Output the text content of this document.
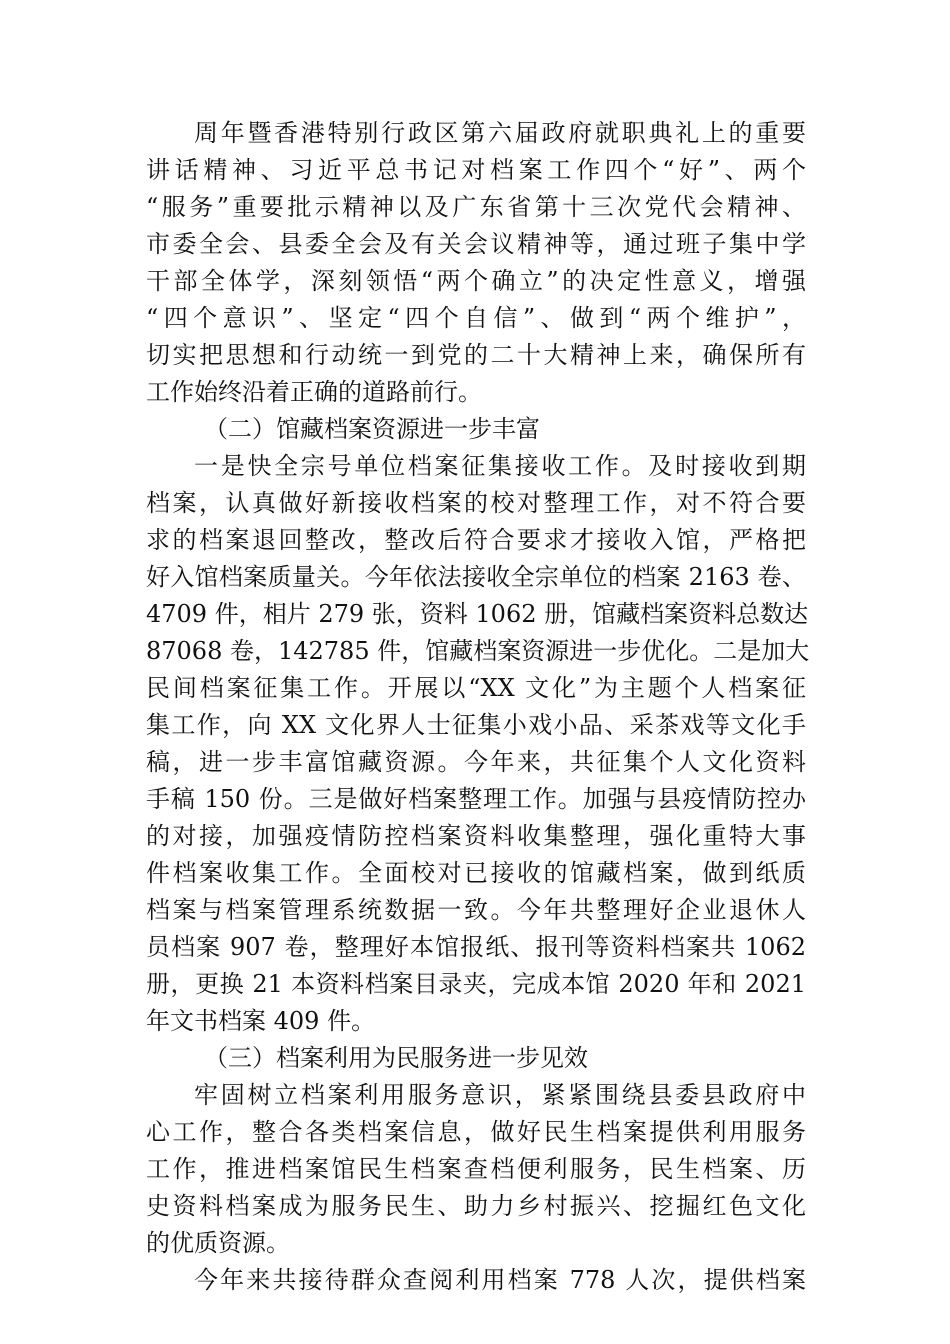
周年暨香港特别行政区第六届政府就职典礼上的重要
讲话精神、习近平总书记对档案工作四个“好”、两个
“服务”重要批示精神以及广东省第十三次党代会精神、
市委全会、县委全会及有关会议精神等，通过班子集中学
干部全体学，深刻领悟“两个确立”的决定性意义，增强
“四个意识”、坚定“四个自信”、做到“两个维护”，
切实把思想和行动统一到党的二十大精神上来，确保所有
工作始终沿着正确的道路前行。
（二）馆藏档案资源进一步丰富
一是快全宗号单位档案征集接收工作。及时接收到期
档案，认真做好新接收档案的校对整理工作，对不符合要
求的档案退回整改，整改后符合要求才接收入馆，严格把
好入馆档案质量关。今年依法接收全宗单位的档案 2163 卷、
4709 件，相片 279 张，资料 1062 册，馆藏档案资料总数达
87068 卷，142785 件，馆藏档案资源进一步优化。二是加大
民间档案征集工作。开展以“XX 文化”为主题个人档案征
集工作，向 XX 文化界人士征集小戏小品、采茶戏等文化手
稿，进一步丰富馆藏资源。今年来，共征集个人文化资料
手稿 150 份。三是做好档案整理工作。加强与县疫情防控办
的对接，加强疫情防控档案资料收集整理，强化重特大事
件档案收集工作。全面校对已接收的馆藏档案，做到纸质
档案与档案管理系统数据一致。今年共整理好企业退休人
员档案 907 卷，整理好本馆报纸、报刊等资料档案共 1062
册，更换 21 本资料档案目录夹，完成本馆 2020 年和 2021
年文书档案 409 件。
（三）档案利用为民服务进一步见效
牢固树立档案利用服务意识，紧紧围绕县委县政府中
心工作，整合各类档案信息，做好民生档案提供利用服务
工作，推进档案馆民生档案查档便利服务，民生档案、历
史资料档案成为服务民生、助力乡村振兴、挖掘红色文化
的优质资源。
今年来共接待群众查阅利用档案 778 人次，提供档案
